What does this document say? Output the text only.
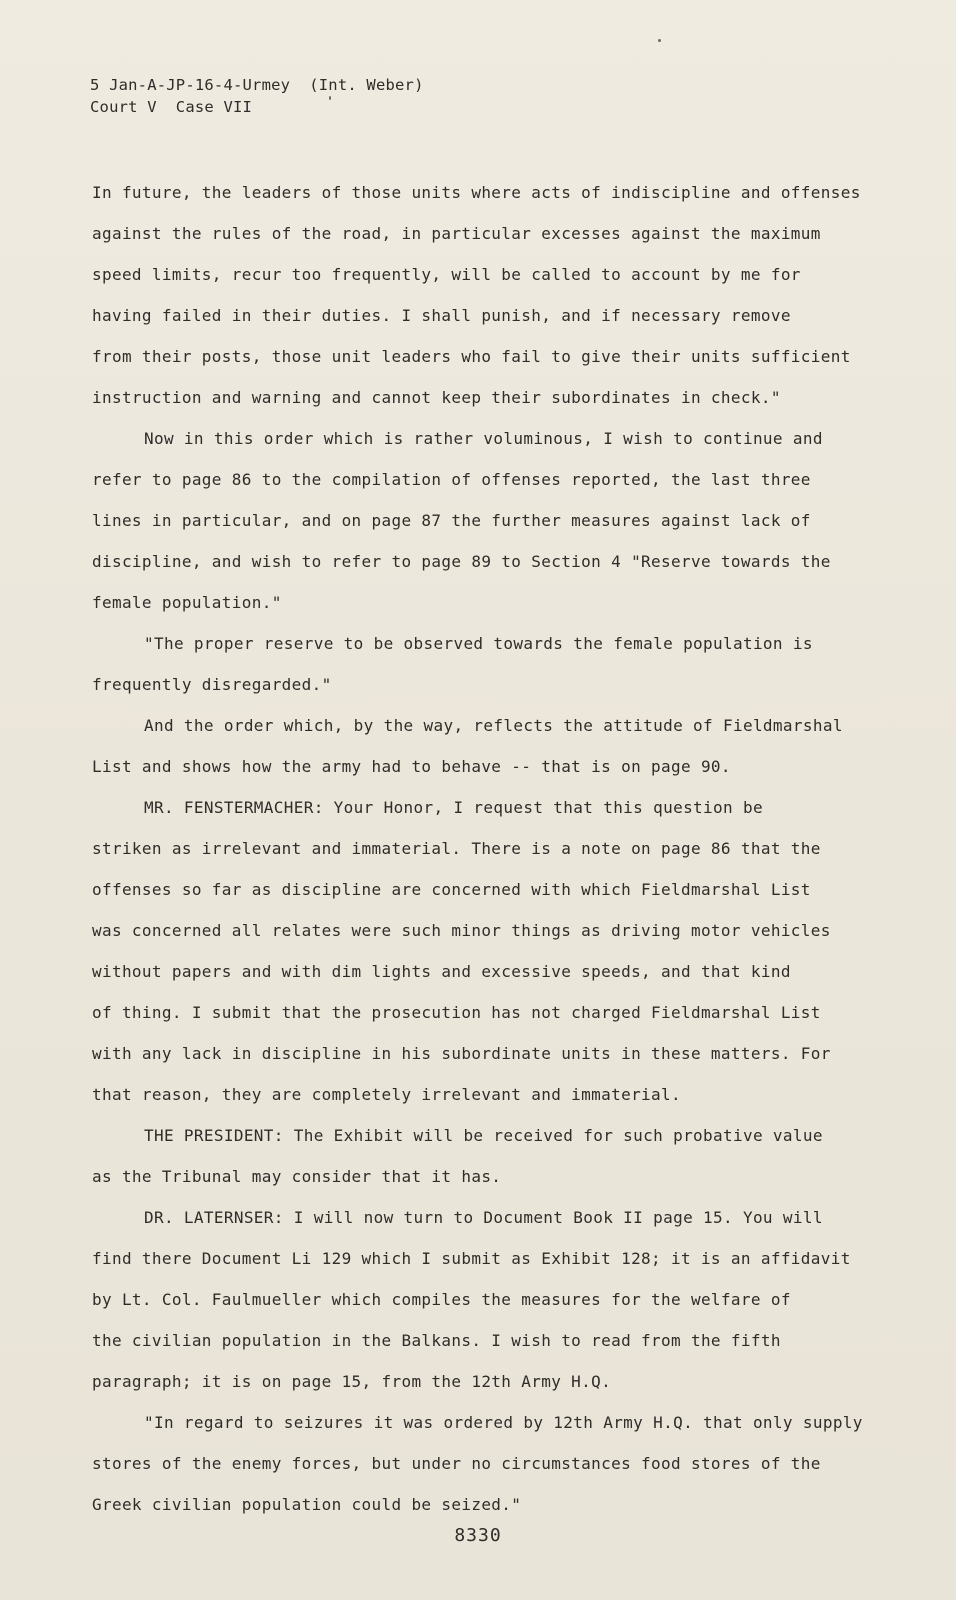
5 Jan-A-JP-16-4-Urmey  (Int. Weber)
Court V  Case VII
In future, the leaders of those units where acts of indiscipline and offenses
against the rules of the road, in particular excesses against the maximum
speed limits, recur too frequently, will be called to account by me for
having failed in their duties. I shall punish, and if necessary remove
from their posts, those unit leaders who fail to give their units sufficient
instruction and warning and cannot keep their subordinates in check."
Now in this order which is rather voluminous, I wish to continue and
refer to page 86 to the compilation of offenses reported, the last three
lines in particular, and on page 87 the further measures against lack of
discipline, and wish to refer to page 89 to Section 4 "Reserve towards the
female population."
"The proper reserve to be observed towards the female population is
frequently disregarded."
And the order which, by the way, reflects the attitude of Fieldmarshal
List and shows how the army had to behave -- that is on page 90.
MR. FENSTERMACHER: Your Honor, I request that this question be
striken as irrelevant and immaterial. There is a note on page 86 that the
offenses so far as discipline are concerned with which Fieldmarshal List
was concerned all relates were such minor things as driving motor vehicles
without papers and with dim lights and excessive speeds, and that kind
of thing. I submit that the prosecution has not charged Fieldmarshal List
with any lack in discipline in his subordinate units in these matters. For
that reason, they are completely irrelevant and immaterial.
THE PRESIDENT: The Exhibit will be received for such probative value
as the Tribunal may consider that it has.
DR. LATERNSER: I will now turn to Document Book II page 15. You will
find there Document Li 129 which I submit as Exhibit 128; it is an affidavit
by Lt. Col. Faulmueller which compiles the measures for the welfare of
the civilian population in the Balkans. I wish to read from the fifth
paragraph; it is on page 15, from the 12th Army H.Q.
"In regard to seizures it was ordered by 12th Army H.Q. that only supply
stores of the enemy forces, but under no circumstances food stores of the
Greek civilian population could be seized."
8330
